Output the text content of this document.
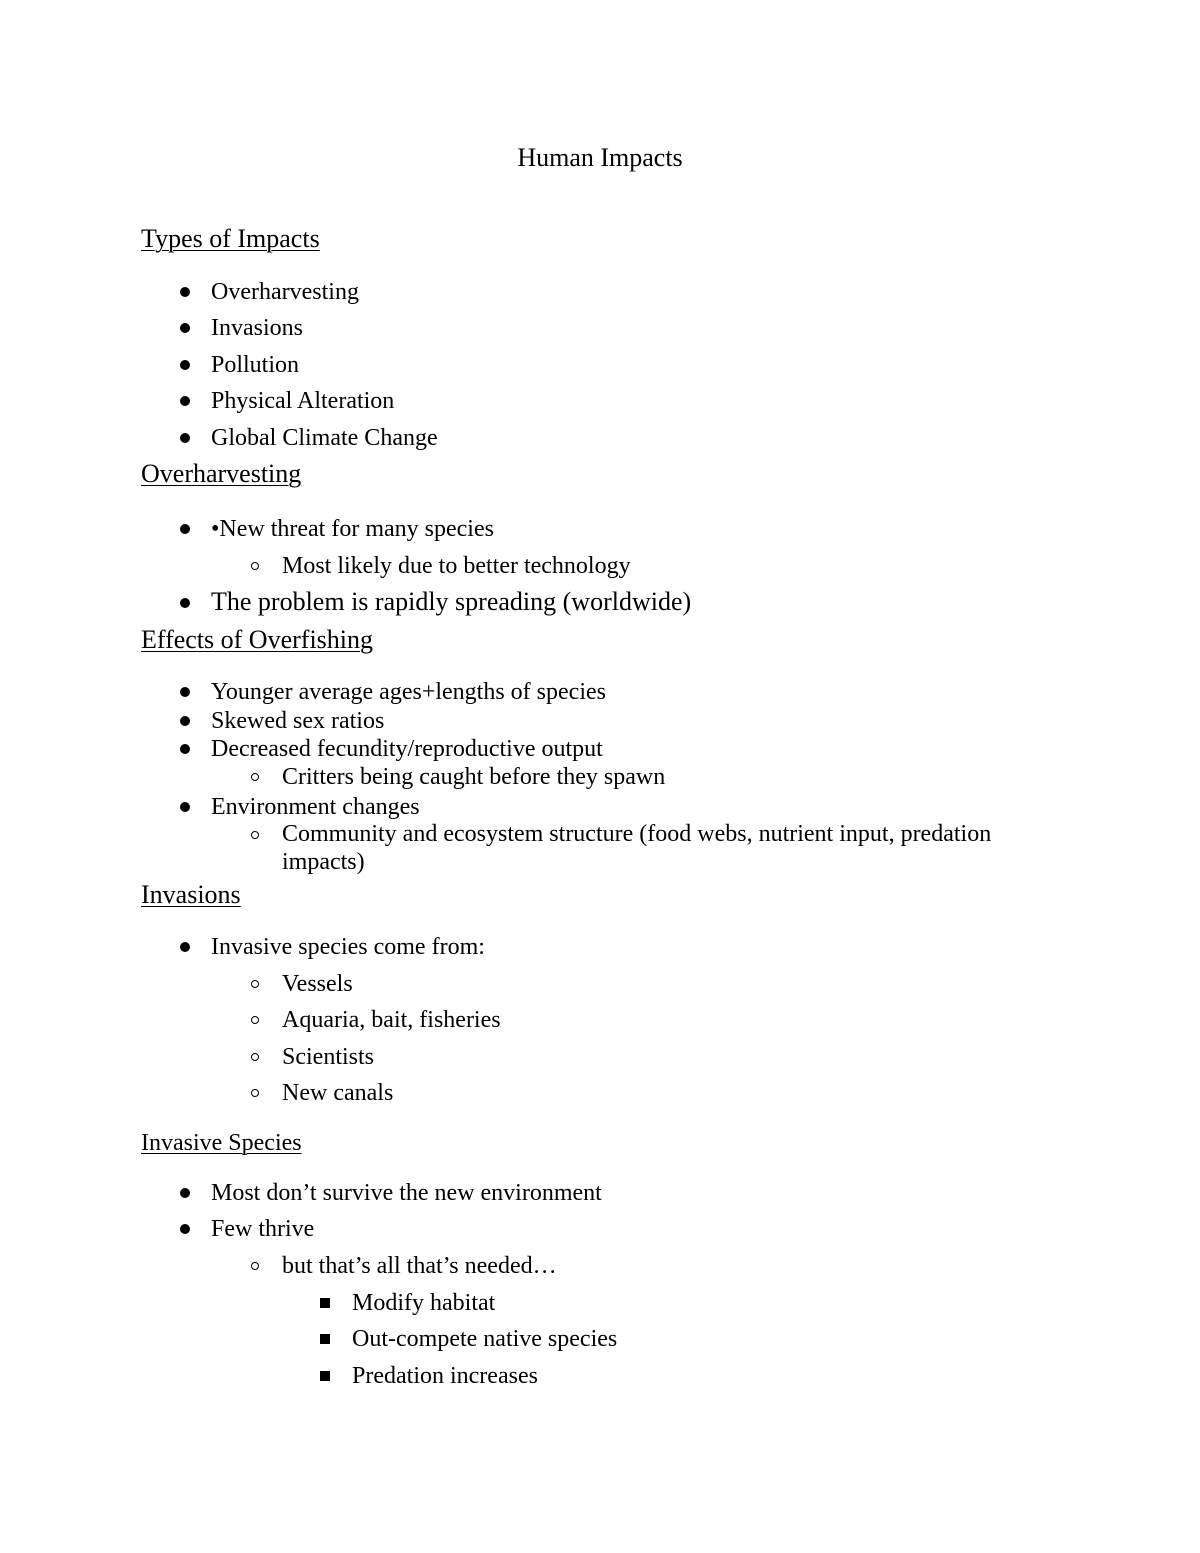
Human Impacts
Types of Impacts
Overharvesting
Invasions
Pollution
Physical Alteration
Global Climate Change
Overharvesting
•New threat for many species
Most likely due to better technology
The problem is rapidly spreading (worldwide)
Effects of Overfishing
Younger average ages+lengths of species
Skewed sex ratios
Decreased fecundity/reproductive output
Critters being caught before they spawn
Environment changes
Community and ecosystem structure (food webs, nutrient input, predation impacts)
Invasions
Invasive species come from:
Vessels
Aquaria, bait, fisheries
Scientists
New canals
Invasive Species
Most don’t survive the new environment
Few thrive
but that’s all that’s needed…
Modify habitat
Out-compete native species
Predation increases
